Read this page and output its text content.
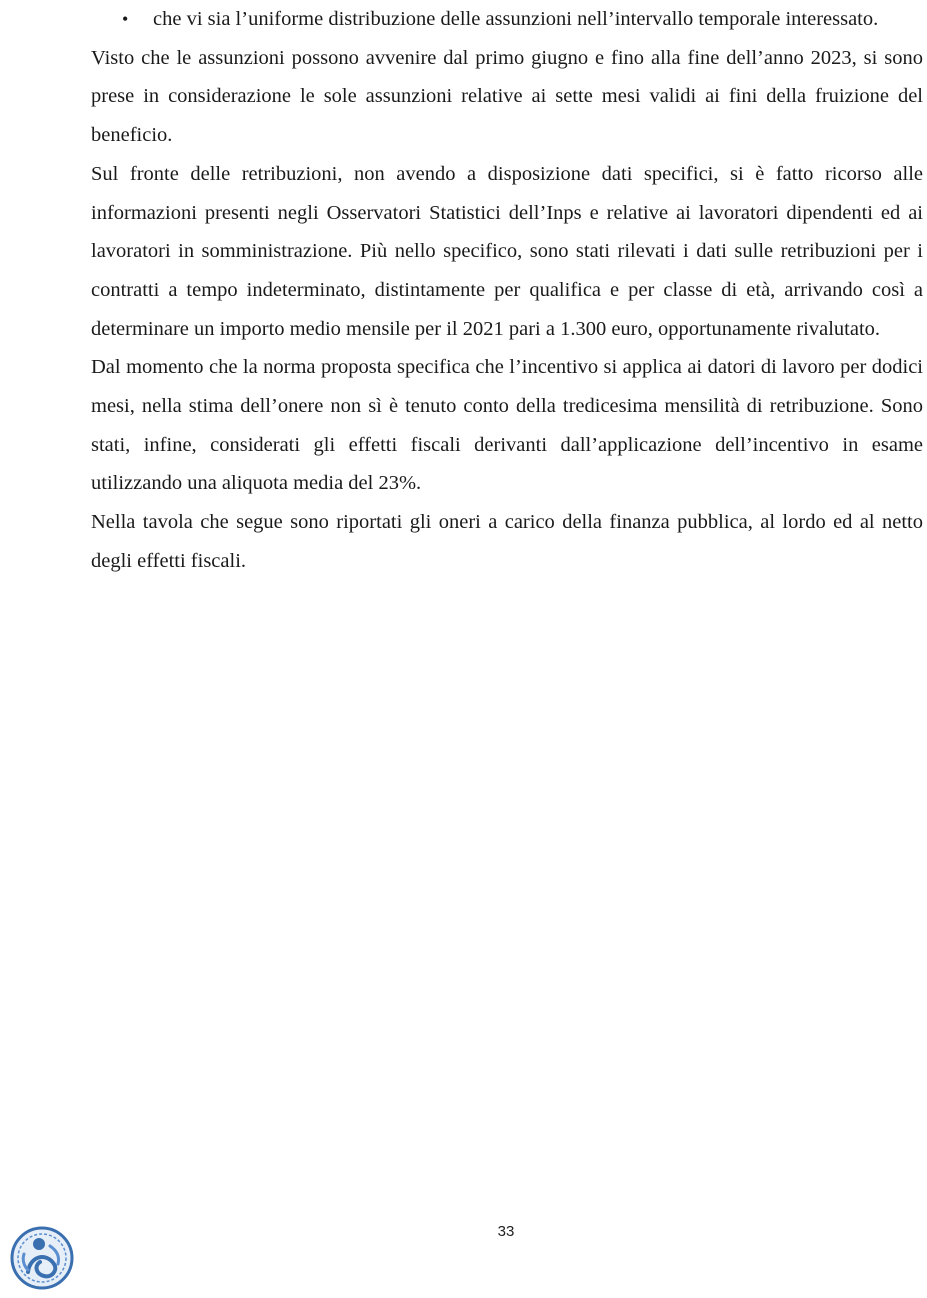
• che vi sia l’uniforme distribuzione delle assunzioni nell’intervallo temporale interessato.

Visto che le assunzioni possono avvenire dal primo giugno e fino alla fine dell’anno 2023, si sono prese in considerazione le sole assunzioni relative ai sette mesi validi ai fini della fruizione del beneficio.

Sul fronte delle retribuzioni, non avendo a disposizione dati specifici, si è fatto ricorso alle informazioni presenti negli Osservatori Statistici dell’Inps e relative ai lavoratori dipendenti ed ai lavoratori in somministrazione. Più nello specifico, sono stati rilevati i dati sulle retribuzioni per i contratti a tempo indeterminato, distintamente per qualifica e per classe di età, arrivando così a determinare un importo medio mensile per il 2021 pari a 1.300 euro, opportunamente rivalutato.

Dal momento che la norma proposta specifica che l’incentivo si applica ai datori di lavoro per dodici mesi, nella stima dell’onere non sì è tenuto conto della tredicesima mensilità di retribuzione. Sono stati, infine, considerati gli effetti fiscali derivanti dall’applicazione dell’incentivo in esame utilizzando una aliquota media del 23%.

Nella tavola che segue sono riportati gli oneri a carico della finanza pubblica, al lordo ed al netto degli effetti fiscali.

33
